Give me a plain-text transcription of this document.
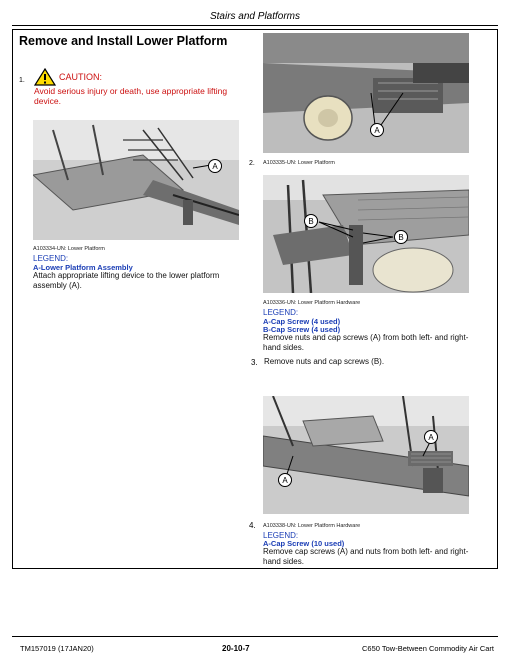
Stairs and Platforms
Remove and Install Lower Platform
1.	CAUTION:
Avoid serious injury or death, use appropriate lifting device.
A
A103334-UN: Lower Platform
LEGEND:
A-Lower Platform Assembly
Attach appropriate lifting device to the lower platform assembly (A).
A
2. A103335-UN: Lower Platform
B
B
A103336-UN: Lower Platform Hardware
LEGEND:
A-Cap Screw (4 used)
B-Cap Screw (4 used)
Remove nuts and cap screws (A) from both left- and right-hand sides.
3. Remove nuts and cap screws (B).
A
A
4. A103338-UN: Lower Platform Hardware
LEGEND:
A-Cap Screw (10 used)
Remove cap screws (A) and nuts from both left- and right-hand sides.
TM157019 (17JAN20)	20-10-7	C650 Tow-Between Commodity Air Cart
